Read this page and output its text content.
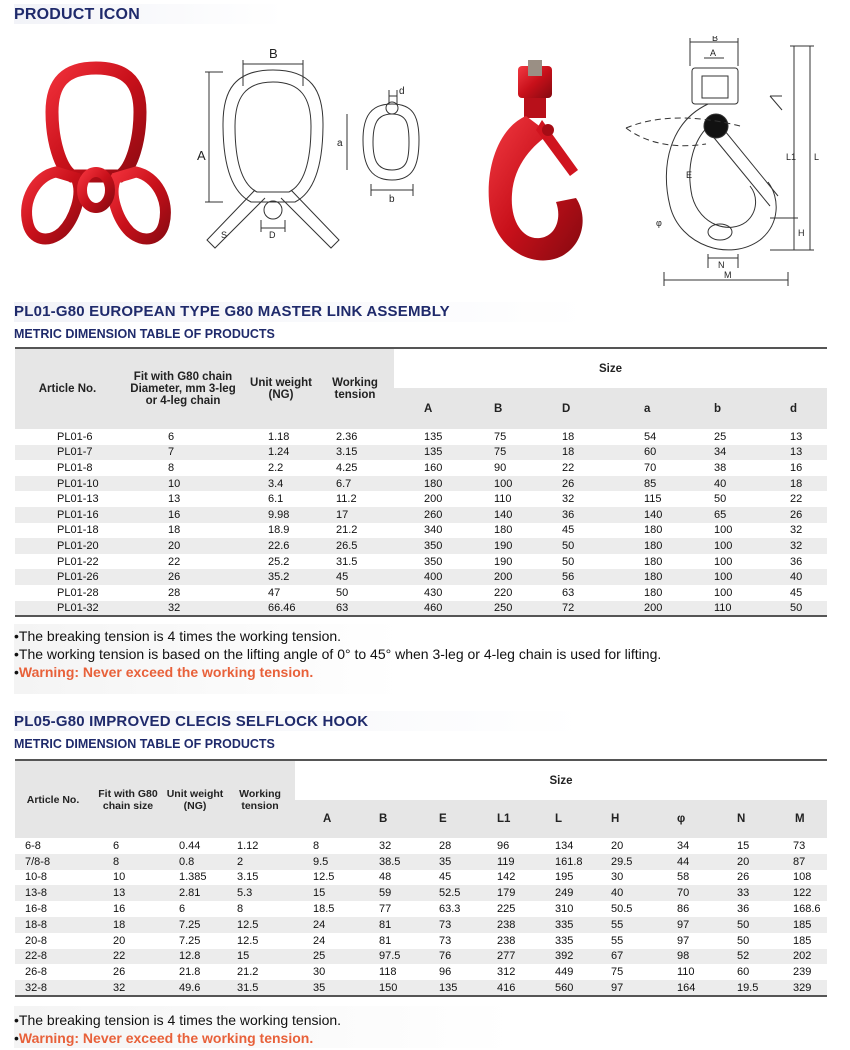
PRODUCT ICON
B
A
S	D
d
a
b
B
A
L1 L
E
φ
H
N
M
PL01-G80 EUROPEAN TYPE G80 MASTER LINK ASSEMBLY
METRIC DIMENSION TABLE OF PRODUCTS
Article No.	Fit with G80 chain Diameter, mm 3-leg or 4-leg chain	Unit weight (NG)	Working tension	Size					
				A	B	D	a	b	d
PL01-6	6	1.18	2.36	135	75	18	54	25	13
PL01-7	7	1.24	3.15	135	75	18	60	34	13
PL01-8	8	2.2	4.25	160	90	22	70	38	16
PL01-10	10	3.4	6.7	180	100	26	85	40	18
PL01-13	13	6.1	11.2	200	110	32	115	50	22
PL01-16	16	9.98	17	260	140	36	140	65	26
PL01-18	18	18.9	21.2	340	180	45	180	100	32
PL01-20	20	22.6	26.5	350	190	50	180	100	32
PL01-22	22	25.2	31.5	350	190	50	180	100	36
PL01-26	26	35.2	45	400	200	56	180	100	40
PL01-28	28	47	50	430	220	63	180	100	45
PL01-32	32	66.46	63	460	250	72	200	110	50
•The breaking tension is 4 times the working tension.
•The working tension is based on the lifting angle of 0° to 45° when 3-leg or 4-leg chain is used for lifting.
•Warning: Never exceed the working tension.
PL05-G80 IMPROVED CLECIS SELFLOCK HOOK
METRIC DIMENSION TABLE OF PRODUCTS
Article No.	Fit with G80 chain size	Unit weight (NG)	Working tension	Size								
				A	B	E	L1	L	H	φ	N	M
6-8	6	0.44	1.12	8	32	28	96	134	20	34	15	73
7/8-8	8	0.8	2	9.5	38.5	35	119	161.8	29.5	44	20	87
10-8	10	1.385	3.15	12.5	48	45	142	195	30	58	26	108
13-8	13	2.81	5.3	15	59	52.5	179	249	40	70	33	122
16-8	16	6	8	18.5	77	63.3	225	310	50.5	86	36	168.6
18-8	18	7.25	12.5	24	81	73	238	335	55	97	50	185
20-8	20	7.25	12.5	24	81	73	238	335	55	97	50	185
22-8	22	12.8	15	25	97.5	76	277	392	67	98	52	202
26-8	26	21.8	21.2	30	118	96	312	449	75	110	60	239
32-8	32	49.6	31.5	35	150	135	416	560	97	164	19.5	329
•The breaking tension is 4 times the working tension.
•Warning: Never exceed the working tension.
